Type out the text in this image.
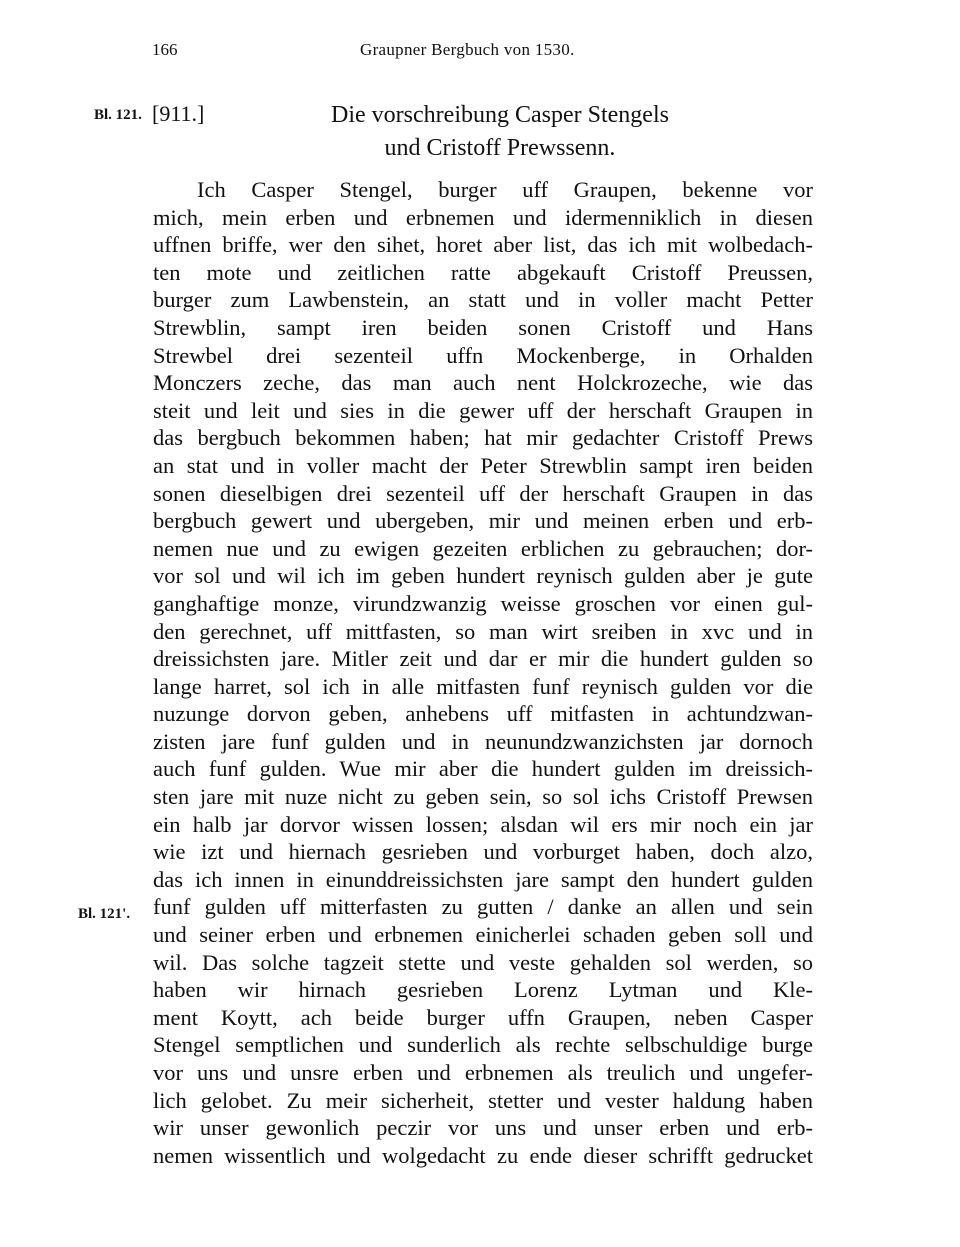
166	Graupner Bergbuch von 1530.
Bl. 121. [911.]	Die vorschreibung Casper Stengels
und Cristoff Prewssenn.
Bl. 121'.
Ich Casper Stengel, burger uff Graupen, bekenne vor
mich, mein erben und erbnemen und idermenniklich in diesen
uffnen briffe, wer den sihet, horet aber list, das ich mit wolbedach-
ten mote und zeitlichen ratte abgekauft Cristoff Preussen,
burger zum Lawbenstein, an statt und in voller macht Petter
Strewblin, sampt iren beiden sonen Cristoff und Hans
Strewbel drei sezenteil uffn Mockenberge, in Orhalden
Monczers zeche, das man auch nent Holckrozeche, wie das
steit und leit und sies in die gewer uff der herschaft Graupen in
das bergbuch bekommen haben; hat mir gedachter Cristoff Prews
an stat und in voller macht der Peter Strewblin sampt iren beiden
sonen dieselbigen drei sezenteil uff der herschaft Graupen in das
bergbuch gewert und ubergeben, mir und meinen erben und erb-
nemen nue und zu ewigen gezeiten erblichen zu gebrauchen; dor-
vor sol und wil ich im geben hundert reynisch gulden aber je gute
ganghaftige monze, virundzwanzig weisse groschen vor einen gul-
den gerechnet, uff mittfasten, so man wirt sreiben in xvc und in
dreissichsten jare. Mitler zeit und dar er mir die hundert gulden so
lange harret, sol ich in alle mitfasten funf reynisch gulden vor die
nuzunge dorvon geben, anhebens uff mitfasten in achtundzwan-
zisten jare funf gulden und in neunundzwanzichsten jar dornoch
auch funf gulden. Wue mir aber die hundert gulden im dreissich-
sten jare mit nuze nicht zu geben sein, so sol ichs Cristoff Prewsen
ein halb jar dorvor wissen lossen; alsdan wil ers mir noch ein jar
wie izt und hiernach gesrieben und vorburget haben, doch alzo,
das ich innen in einunddreissichsten jare sampt den hundert gulden
funf gulden uff mitterfasten zu gutten / danke an allen und sein
und seiner erben und erbnemen einicherlei schaden geben soll und
wil. Das solche tagzeit stette und veste gehalden sol werden, so
haben wir hirnach gesrieben Lorenz Lytman und Kle-
ment Koytt, ach beide burger uffn Graupen, neben Casper
Stengel semptlichen und sunderlich als rechte selbschuldige burge
vor uns und unsre erben und erbnemen als treulich und ungefer-
lich gelobet. Zu meir sicherheit, stetter und vester haldung haben
wir unser gewonlich peczir vor uns und unser erben und erb-
nemen wissentlich und wolgedacht zu ende dieser schrifft gedrucket
